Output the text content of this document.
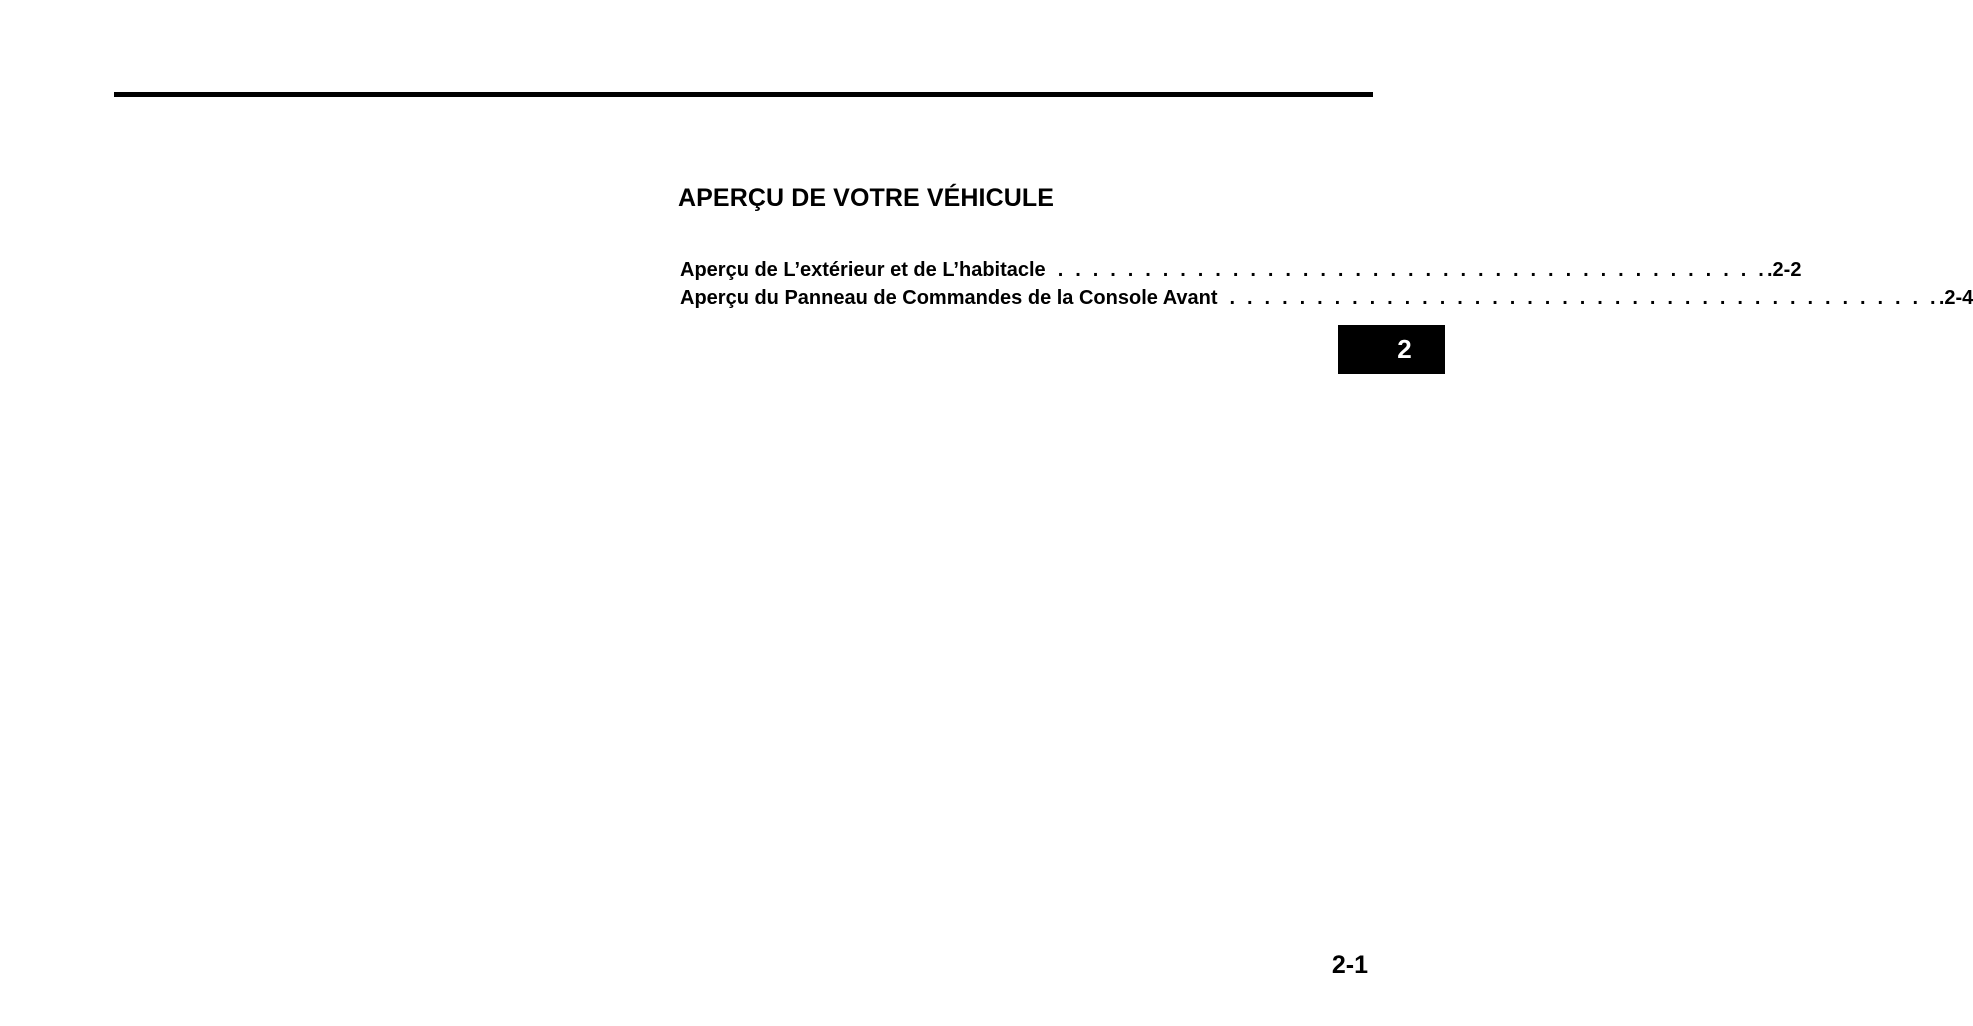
APERÇU DE VOTRE VÉHICULE
Aperçu de L’extérieur et de L’habitacle . . . . . . . . . . . . . . . . . . . . . . . . . . . . . . . . . . . . . . . . . .2-2
Aperçu du Panneau de Commandes de la Console Avant . . . . . . . . . . . . . . . . . . . . . . . . . . . . . . . . . . . . . . . . . .2-4
2
2-1
